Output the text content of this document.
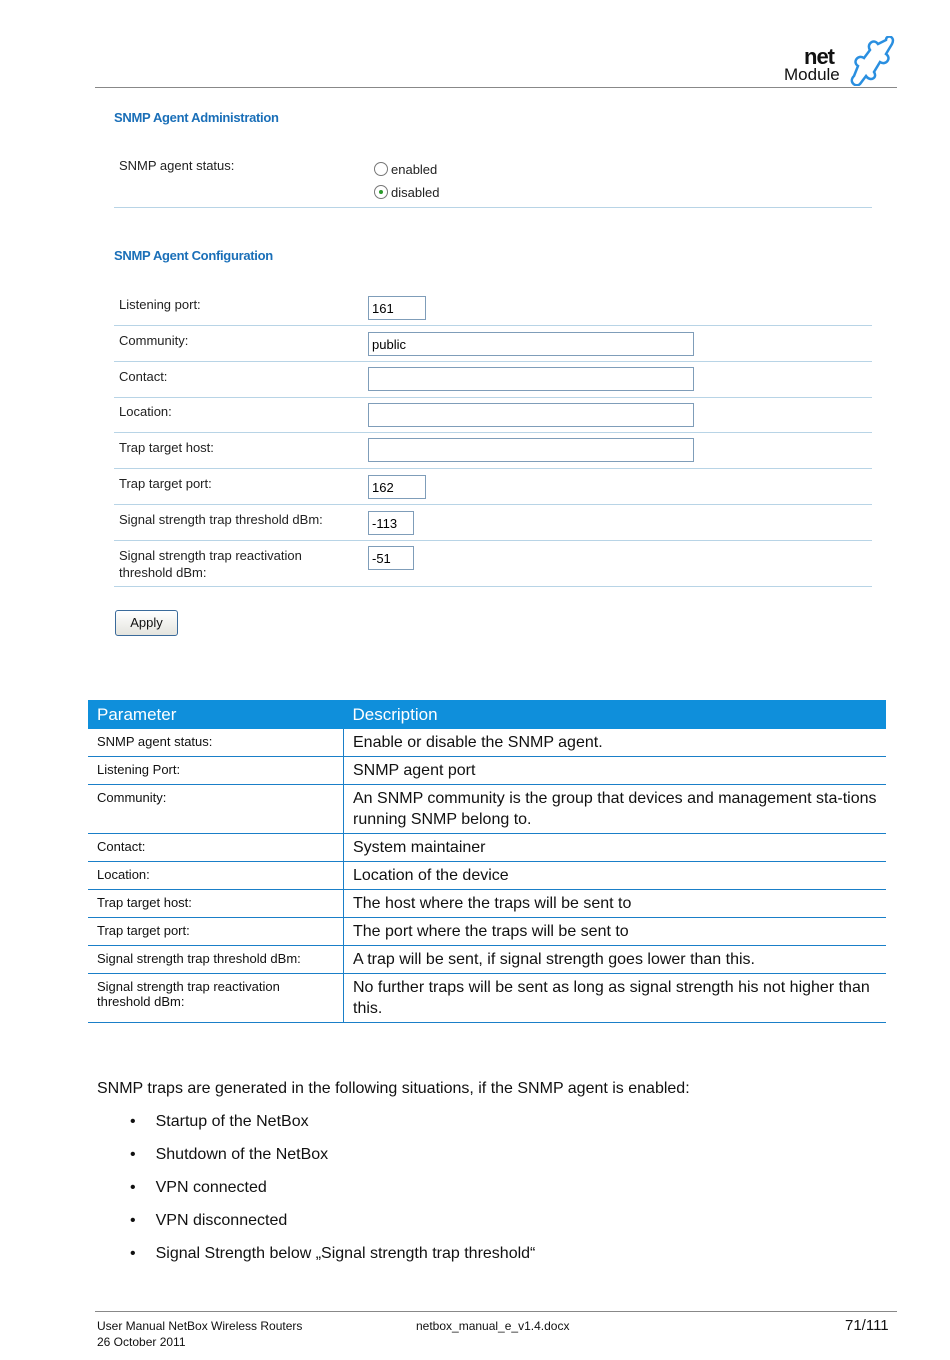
net
Module
SNMP Agent Administration
SNMP agent status:	enabled
disabled
SNMP Agent Configuration
Listening port:
161
Community:
public
Contact:
Location:
Trap target host:
Trap target port:
162
Signal strength trap threshold dBm:
-113
Signal strength trap reactivation threshold dBm:
-51
Apply
Parameter	Description
SNMP agent status:	Enable or disable the SNMP agent.
Listening Port:	SNMP agent port
Community:	An SNMP community is the group that devices and management sta-tions running SNMP belong to.
Contact:	System maintainer
Location:	Location of the device
Trap target host:	The host where the traps will be sent to
Trap target port:	The port where the traps will be sent to
Signal strength trap threshold dBm:	A trap will be sent, if signal strength goes lower than this.
Signal strength trap reactivation threshold dBm:	No further traps will be sent as long as signal strength his not higher than this.
SNMP traps are generated in the following situations, if the SNMP agent is enabled:
• Startup of the NetBox
• Shutdown of the NetBox
• VPN connected
• VPN disconnected
• Signal Strength below „Signal strength trap threshold“
User Manual NetBox Wireless Routers
26 October 2011
netbox_manual_e_v1.4.docx	71/111
